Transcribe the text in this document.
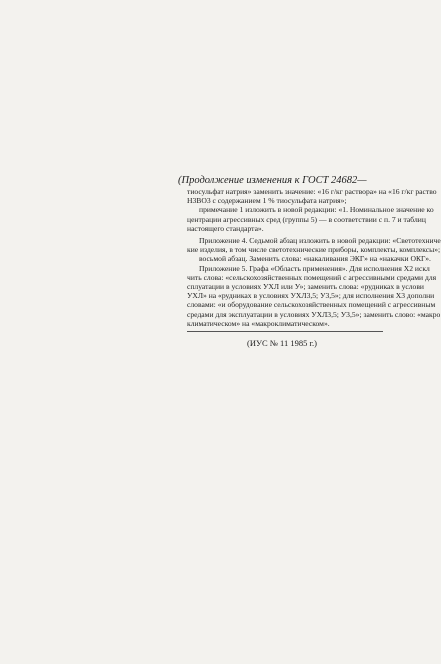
(Продолжение изменения к ГОСТ 24682—
тиосульфат натрия» заменить значение: «16 г/кг раствора» на «16 г/кг раство
H3BO3 с содержанием 1 % тиосульфата натрия»;
примечание 1 изложить в новой редакции: «1. Номинальное значение ко
центрации агрессивных сред (группы 5) — в соответствии с п. 7 и таблиц
настоящего стандарта».
Приложение 4. Седьмой абзац изложить в новой редакции: «Светотехниче
кие изделия, в том числе светотехнические приборы, комплекты, комплексы»;
восьмой абзац. Заменить слова: «накаливания ЭКГ» на «накачки ОКГ».
Приложение 5. Графа «Область применения». Для исполнения Х2 искл
чить слова: «сельскохозяйственных помещений с агрессивными средами для
сплуатации в условиях УХЛ или У»; заменить слова: «рудниках в услови
УХЛ» на «рудниках в условиях УХЛ3,5; У3,5»; для исполнения Х3 дополни
словами: «и оборудование сельскохозяйственных помещений с агрессивным
средами для эксплуатации в условиях УХЛ3,5; У3,5»; заменить слово: «макро
климатическом» на «макроклиматическом».
(ИУС № 11 1985 г.)
